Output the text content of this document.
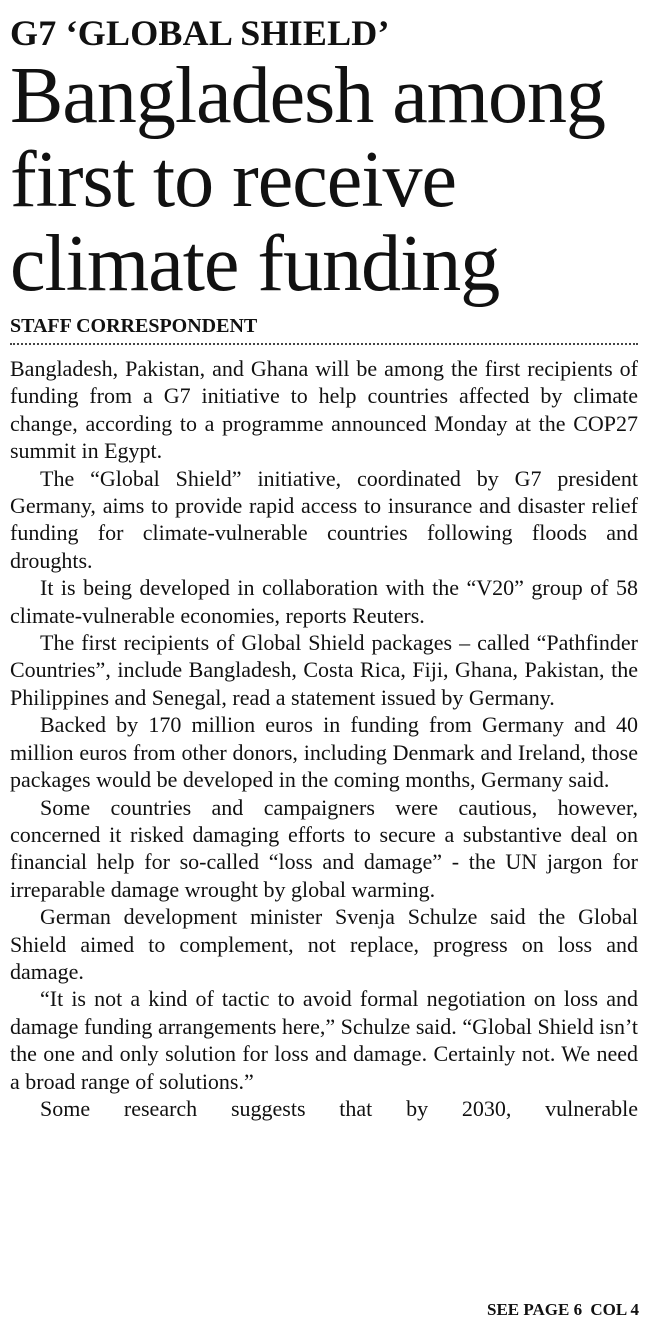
G7 ‘GLOBAL SHIELD’
Bangladesh among
first to receive
climate funding
STAFF CORRESPONDENT

Bangladesh, Pakistan, and Ghana will be among the first recipients of funding from a G7 initiative to help countries affected by climate change, according to a programme announced Monday at the COP27 summit in Egypt.

The “Global Shield” initiative, coordinated by G7 president Germany, aims to provide rapid access to insurance and disaster relief funding for climate-vulnerable countries following floods and droughts.

It is being developed in collaboration with the “V20” group of 58 climate-vulnerable economies, reports Reuters.

The first recipients of Global Shield packages – called “Pathfinder Countries”, include Bangladesh, Costa Rica, Fiji, Ghana, Pakistan, the Philippines and Senegal, read a statement issued by Germany.

Backed by 170 million euros in funding from Germany and 40 million euros from other donors, including Denmark and Ireland, those packages would be developed in the coming months, Germany said.

Some countries and campaigners were cautious, however, concerned it risked damaging efforts to secure a substantive deal on financial help for so-called “loss and damage” - the UN jargon for irreparable damage wrought by global warming.

German development minister Svenja Schulze said the Global Shield aimed to complement, not replace, progress on loss and damage.

“It is not a kind of tactic to avoid formal negotiation on loss and damage funding arrangements here,” Schulze said. “Global Shield isn’t the one and only solution for loss and damage. Certainly not. We need a broad range of solutions.”

Some research suggests that by 2030, vulnerable

SEE PAGE 6 COL 4
